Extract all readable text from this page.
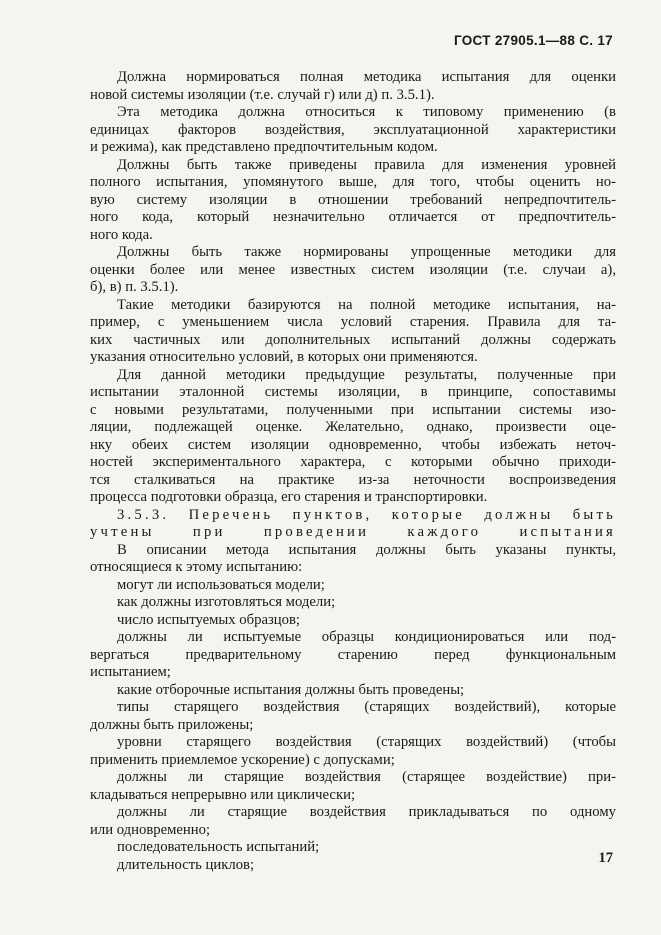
ГОСТ 27905.1—88 С. 17
Должна нормироваться полная методика испытания для оценки
новой системы изоляции (т.е. случай г) или д) п. 3.5.1).
Эта методика должна относиться к типовому применению (в
единицах факторов воздействия, эксплуатационной характеристики
и режима), как представлено предпочтительным кодом.
Должны быть также приведены правила для изменения уровней
полного испытания, упомянутого выше, для того, чтобы оценить но-
вую систему изоляции в отношении требований непредпочтитель-
ного кода, который незначительно отличается от предпочтитель-
ного кода.
Должны быть также нормированы упрощенные методики для
оценки более или менее известных систем изоляции (т.е. случаи а),
б), в) п. 3.5.1).
Такие методики базируются на полной методике испытания, на-
пример, с уменьшением числа условий старения. Правила для та-
ких частичных или дополнительных испытаний должны содержать
указания относительно условий, в которых они применяются.
Для данной методики предыдущие результаты, полученные при
испытании эталонной системы изоляции, в принципе, сопоставимы
с новыми результатами, полученными при испытании системы изо-
ляции, подлежащей оценке. Желательно, однако, произвести оце-
нку обеих систем изоляции одновременно, чтобы избежать неточ-
ностей экспериментального характера, с которыми обычно приходи-
тся сталкиваться на практике из-за неточности воспроизведения
процесса подготовки образца, его старения и транспортировки.
3.5.3. Перечень пунктов, которые должны быть
учтены при проведении каждого испытания
В описании метода испытания должны быть указаны пункты,
относящиеся к этому испытанию:
могут ли использоваться модели;
как должны изготовляться модели;
число испытуемых образцов;
должны ли испытуемые образцы кондиционироваться или под-
вергаться предварительному старению перед функциональным
испытанием;
какие отборочные испытания должны быть проведены;
типы старящего воздействия (старящих воздействий), которые
должны быть приложены;
уровни старящего воздействия (старящих воздействий) (чтобы
применить приемлемое ускорение) с допусками;
должны ли старящие воздействия (старящее воздействие) при-
кладываться непрерывно или циклически;
должны ли старящие воздействия прикладываться по одному
или одновременно;
последовательность испытаний;
длительность циклов;	17
